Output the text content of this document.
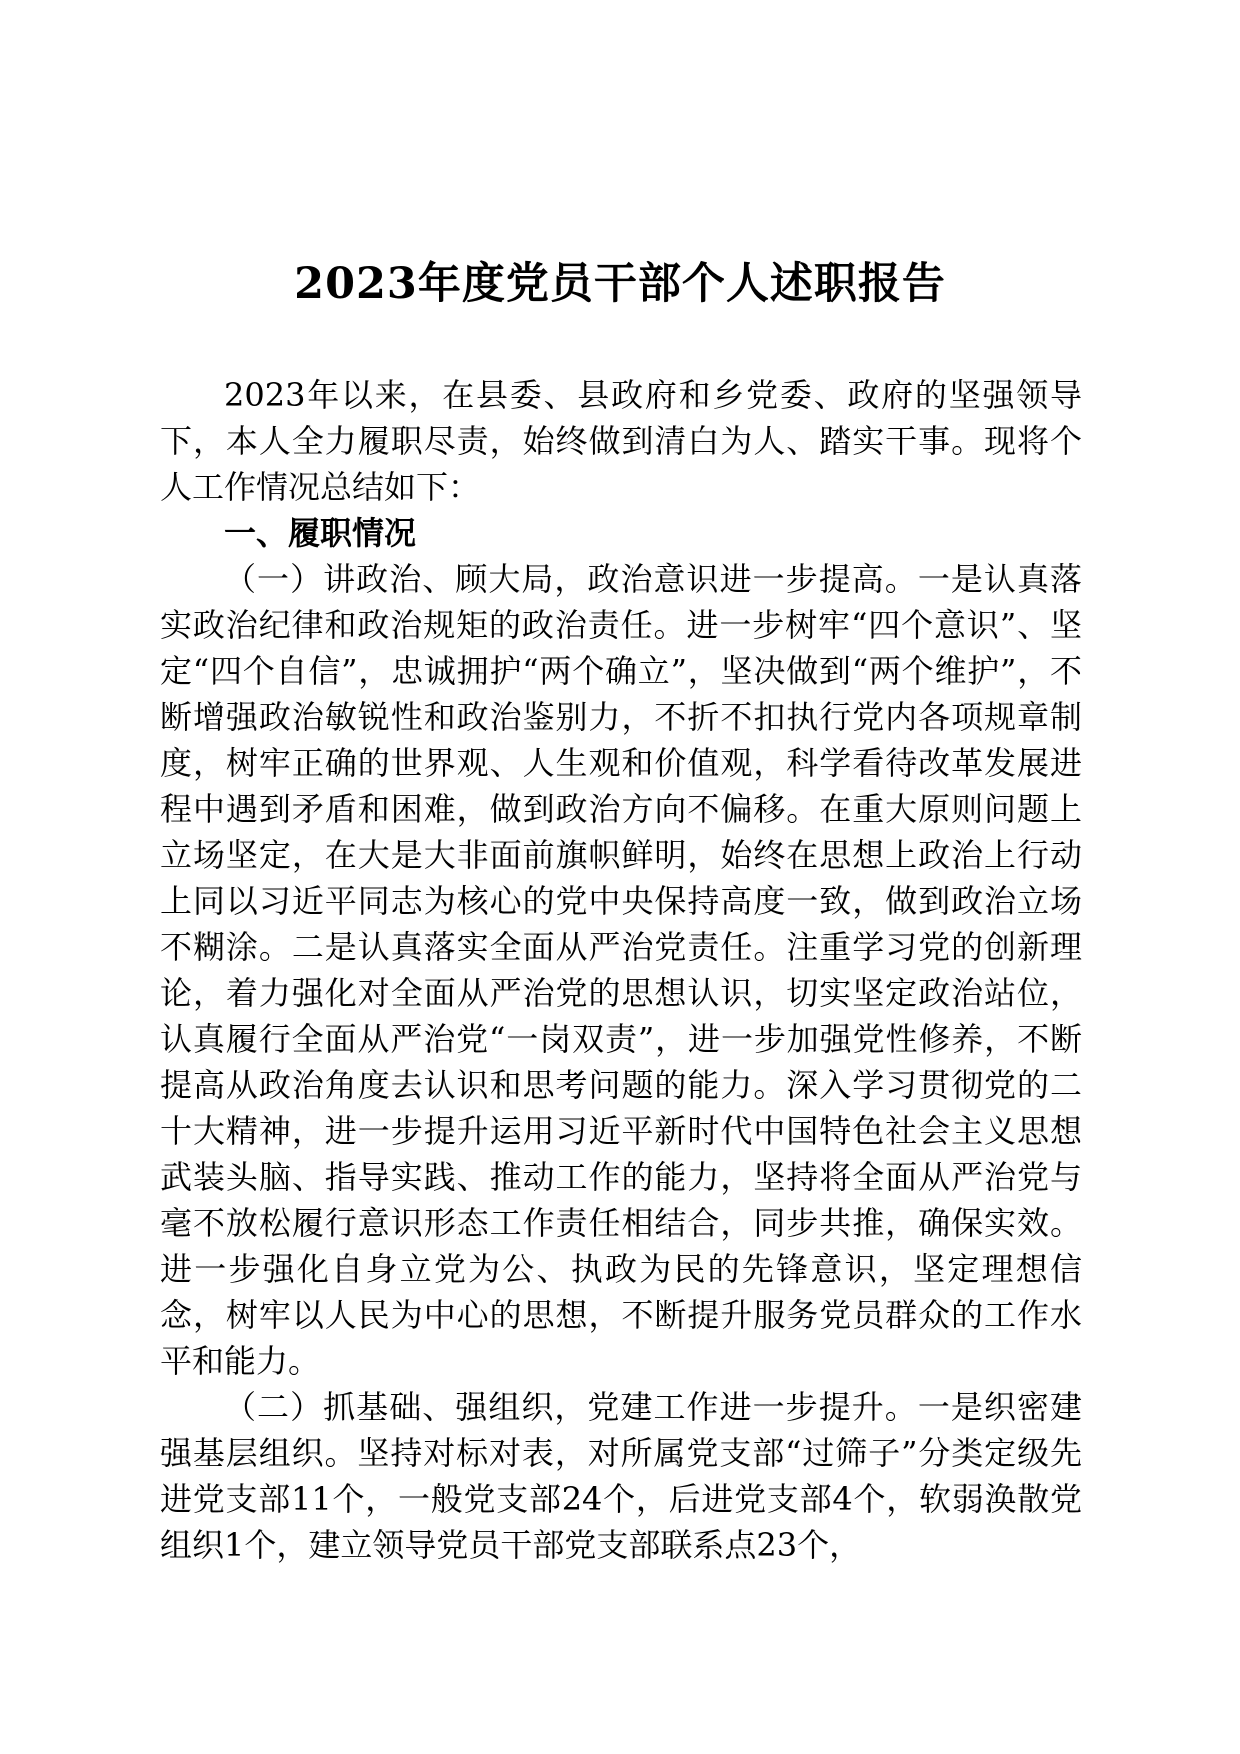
2023年度党员干部个人述职报告

2023年以来，在县委、县政府和乡党委、政府的坚强领导下，本人全力履职尽责，始终做到清白为人、踏实干事。现将个人工作情况总结如下：

一、履职情况

（一）讲政治、顾大局，政治意识进一步提高。一是认真落实政治纪律和政治规矩的政治责任。进一步树牢“四个意识”、坚定“四个自信”，忠诚拥护“两个确立”，坚决做到“两个维护”，不断增强政治敏锐性和政治鉴别力，不折不扣执行党内各项规章制度，树牢正确的世界观、人生观和价值观，科学看待改革发展进程中遇到矛盾和困难，做到政治方向不偏移。在重大原则问题上立场坚定，在大是大非面前旗帜鲜明，始终在思想上政治上行动上同以习近平同志为核心的党中央保持高度一致，做到政治立场不糊涂。二是认真落实全面从严治党责任。注重学习党的创新理论，着力强化对全面从严治党的思想认识，切实坚定政治站位，认真履行全面从严治党“一岗双责”，进一步加强党性修养，不断提高从政治角度去认识和思考问题的能力。深入学习贯彻党的二十大精神，进一步提升运用习近平新时代中国特色社会主义思想武装头脑、指导实践、推动工作的能力，坚持将全面从严治党与毫不放松履行意识形态工作责任相结合，同步共推，确保实效。进一步强化自身立党为公、执政为民的先锋意识，坚定理想信念，树牢以人民为中心的思想，不断提升服务党员群众的工作水平和能力。

（二）抓基础、强组织，党建工作进一步提升。一是织密建强基层组织。坚持对标对表，对所属党支部“过筛子”分类定级先进党支部11个，一般党支部24个，后进党支部4个，软弱涣散党组织1个，建立领导党员干部党支部联系点23个，
